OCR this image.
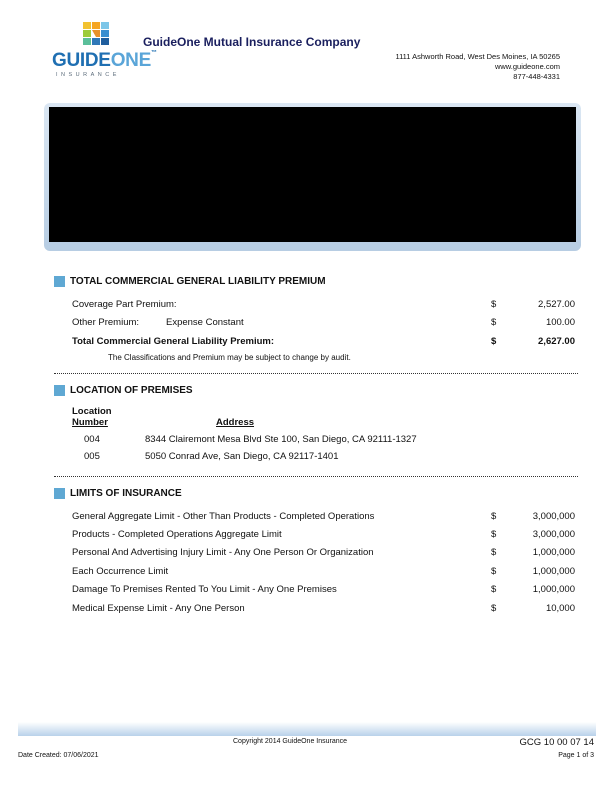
GUIDEONE™
INSURANCE
GuideOne Mutual Insurance Company
1111 Ashworth Road, West Des Moines, IA 50265
www.guideone.com
877-448-4331
TOTAL COMMERCIAL GENERAL LIABILITY PREMIUM
Coverage Part Premium:	$	2,527.00
Other Premium:	Expense Constant	$	100.00
Total Commercial General Liability Premium:	$	2,627.00
The Classifications and Premium may be subject to change by audit.
LOCATION OF PREMISES
Location
Number	Address
004	8344 Clairemont Mesa Blvd Ste 100, San Diego, CA 92111-1327
005	5050 Conrad Ave, San Diego, CA 92117-1401
LIMITS OF INSURANCE
General Aggregate Limit - Other Than Products - Completed Operations	$	3,000,000
Products - Completed Operations Aggregate Limit	$	3,000,000
Personal And Advertising Injury Limit - Any One Person Or Organization	$	1,000,000
Each Occurrence Limit	$	1,000,000
Damage To Premises Rented To You Limit - Any One Premises	$	1,000,000
Medical Expense Limit - Any One Person	$	10,000
Copyright 2014 GuideOne Insurance	GCG 10 00 07 14
Date Created: 07/06/2021	Page 1 of 3
